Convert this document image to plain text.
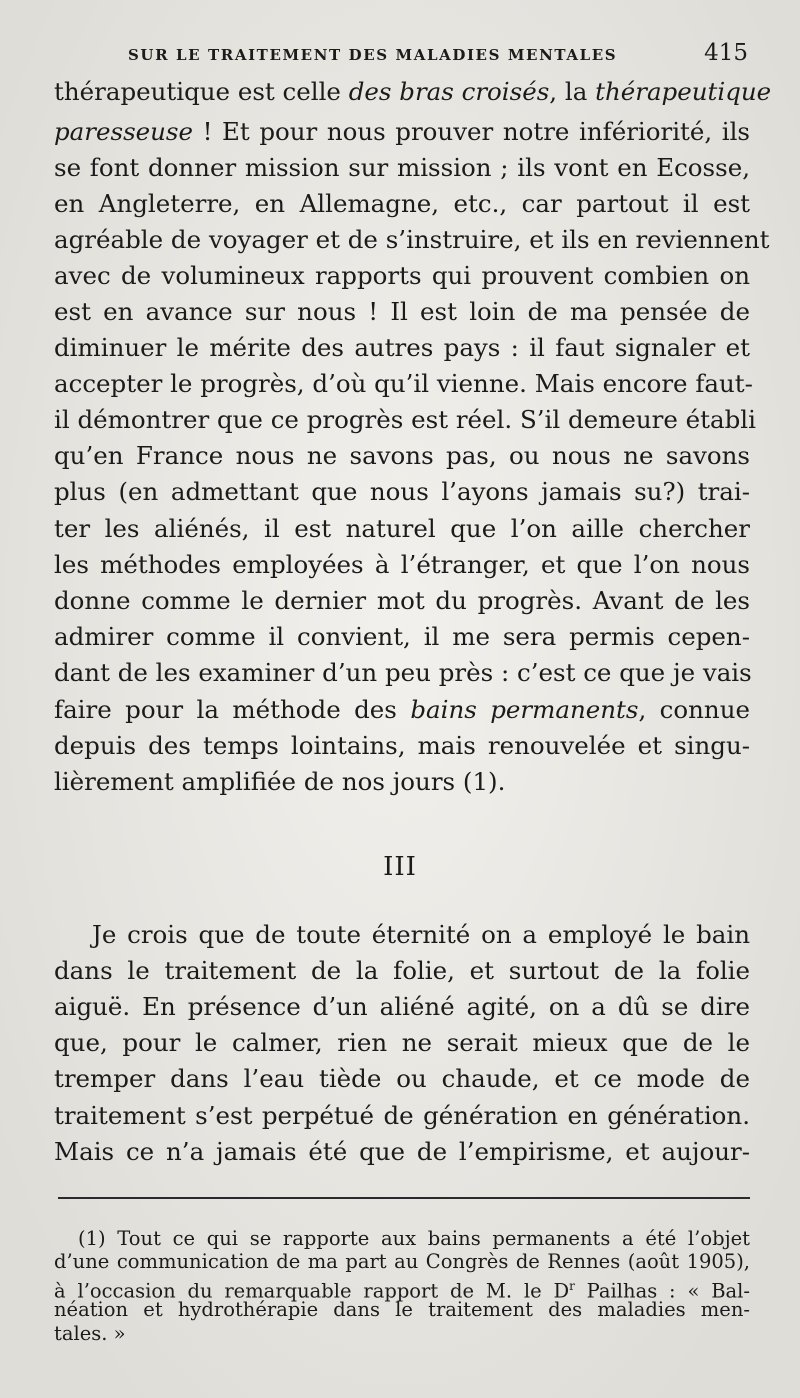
SUR LE TRAITEMENT DES MALADIES MENTALES	415
thérapeutique est celle des bras croisés, la thérapeutique
paresseuse ! Et pour nous prouver notre infériorité, ils
se font donner mission sur mission ; ils vont en Ecosse,
en Angleterre, en Allemagne, etc., car partout il est
agréable de voyager et de s’instruire, et ils en reviennent
avec de volumineux rapports qui prouvent combien on
est en avance sur nous ! Il est loin de ma pensée de
diminuer le mérite des autres pays : il faut signaler et
accepter le progrès, d’où qu’il vienne. Mais encore faut-
il démontrer que ce progrès est réel. S’il demeure établi
qu’en France nous ne savons pas, ou nous ne savons
plus (en admettant que nous l’ayons jamais su?) trai-
ter les aliénés, il est naturel que l’on aille chercher
les méthodes employées à l’étranger, et que l’on nous
donne comme le dernier mot du progrès. Avant de les
admirer comme il convient, il me sera permis cepen-
dant de les examiner d’un peu près : c’est ce que je vais
faire pour la méthode des bains permanents, connue
depuis des temps lointains, mais renouvelée et singu-
lièrement amplifiée de nos jours (1).
III
Je crois que de toute éternité on a employé le bain
dans le traitement de la folie, et surtout de la folie
aiguë. En présence d’un aliéné agité, on a dû se dire
que, pour le calmer, rien ne serait mieux que de le
tremper dans l’eau tiède ou chaude, et ce mode de
traitement s’est perpétué de génération en génération.
Mais ce n’a jamais été que de l’empirisme, et aujour-
(1) Tout ce qui se rapporte aux bains permanents a été l’objet
d’une communication de ma part au Congrès de Rennes (août 1905),
à l’occasion du remarquable rapport de M. le $D^r$ Pailhas : « Bal-
néation et hydrothérapie dans le traitement des maladies men-
tales. »
